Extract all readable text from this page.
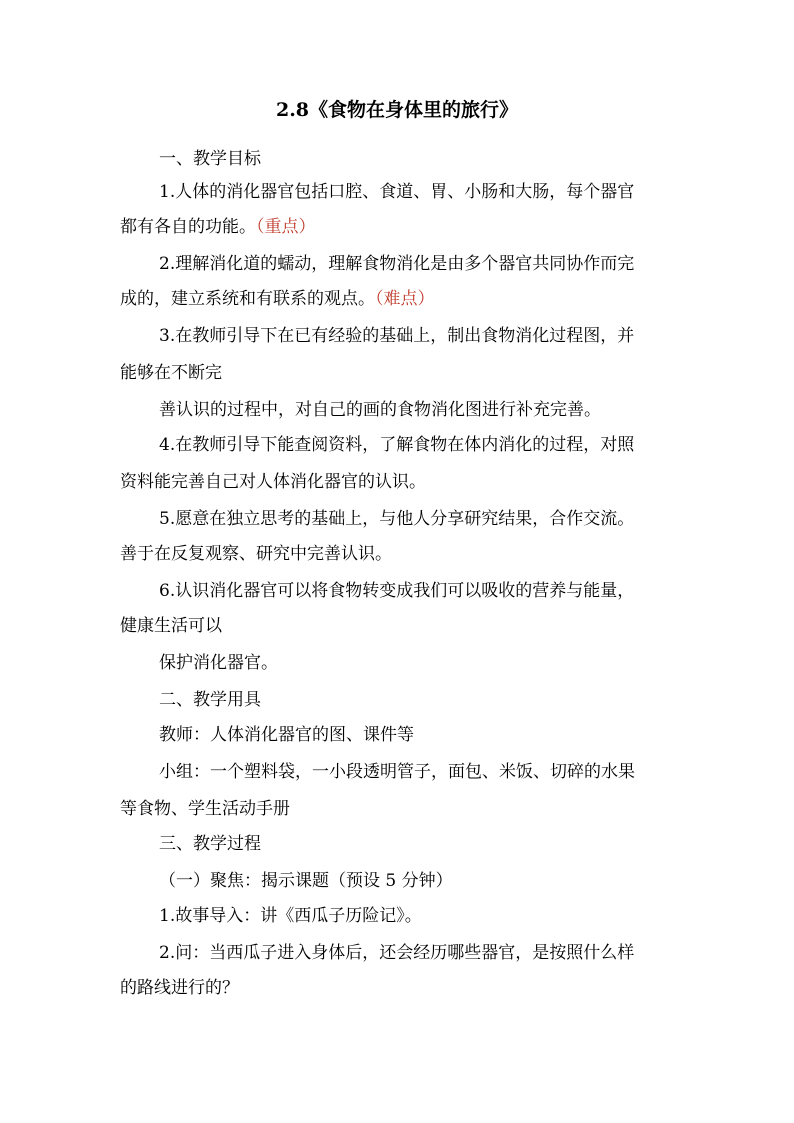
2.8《食物在身体里的旅行》
一、教学目标
1.人体的消化器官包括口腔、食道、胃、小肠和大肠，每个器官
都有各自的功能。（重点）
2.理解消化道的蠕动，理解食物消化是由多个器官共同协作而完
成的，建立系统和有联系的观点。（难点）
3.在教师引导下在已有经验的基础上，制出食物消化过程图，并
能够在不断完
善认识的过程中，对自己的画的食物消化图进行补充完善。
4.在教师引导下能查阅资料，了解食物在体内消化的过程，对照
资料能完善自己对人体消化器官的认识。
5.愿意在独立思考的基础上，与他人分享研究结果，合作交流。
善于在反复观察、研究中完善认识。
6.认识消化器官可以将食物转变成我们可以吸收的营养与能量，
健康生活可以
保护消化器官。
二、教学用具
教师：人体消化器官的图、课件等
小组：一个塑料袋，一小段透明管子，面包、米饭、切碎的水果
等食物、学生活动手册
三、教学过程
（一）聚焦：揭示课题（预设 5 分钟）
1.故事导入：讲《西瓜子历险记》。
2.问：当西瓜子进入身体后，还会经历哪些器官，是按照什么样
的路线进行的？
